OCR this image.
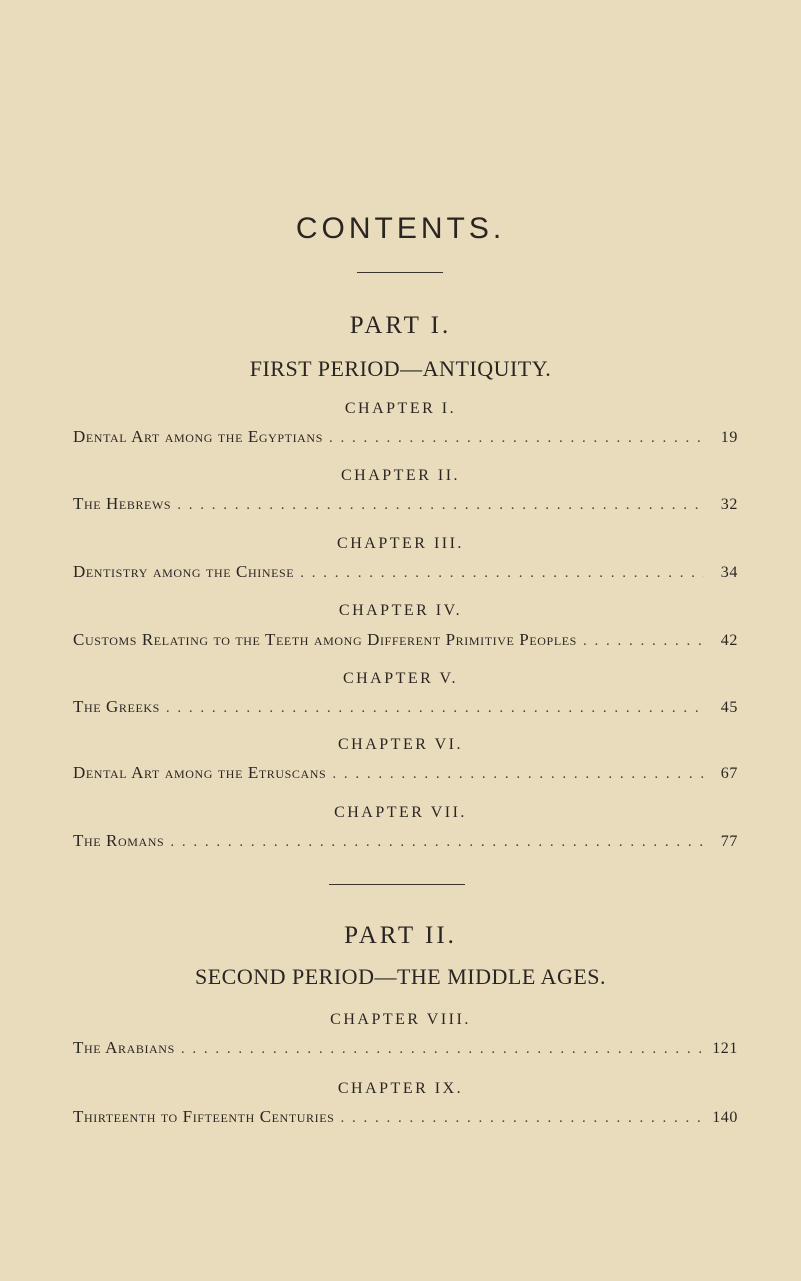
CONTENTS.
PART I.
FIRST PERIOD—ANTIQUITY.
CHAPTER I.
Dental Art among the Egyptians . . .	19
CHAPTER II.
The Hebrews . . .	32
CHAPTER III.
Dentistry among the Chinese . . .	34
CHAPTER IV.
Customs Relating to the Teeth among Different Primitive Peoples . . .	42
CHAPTER V.
The Greeks . . .	45
CHAPTER VI.
Dental Art among the Etruscans . . .	67
CHAPTER VII.
The Romans . . .	77
PART II.
SECOND PERIOD—THE MIDDLE AGES.
CHAPTER VIII.
The Arabians . . .	121
CHAPTER IX.
Thirteenth to Fifteenth Centuries . . .	140
